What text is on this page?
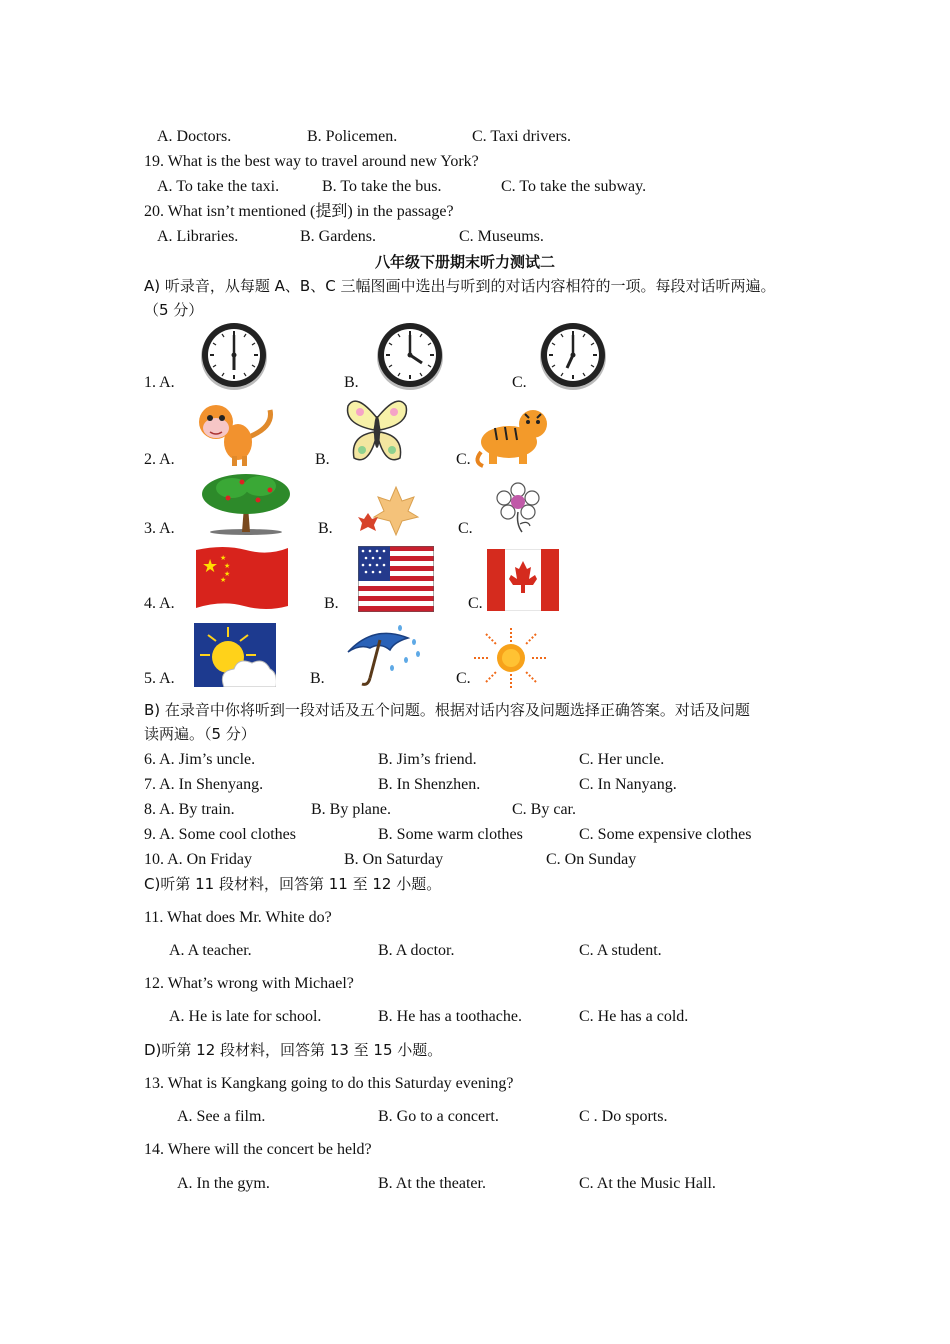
A. Doctors.	B. Policemen.	C. Taxi drivers.
19. What is the best way to travel around new York?
A. To take the taxi.	B. To take the bus.	C. To take the subway.
20. What isn’t mentioned (提到) in the passage?
A. Libraries.	B. Gardens.	C. Museums.
八年级下册期末听力测试二
A) 听录音，从每题 A、B、C 三幅图画中选出与听到的对话内容相符的一项。每段对话听两遍。
（5 分）
1. A.	B.	C.
2. A.	B.	C.
3. A.	B.	C.
4. A.	B.	C.
★ ★
★
★
★
5. A.	B.	C.
B) 在录音中你将听到一段对话及五个问题。根据对话内容及问题选择正确答案。对话及问题
读两遍。（5 分）
6. A. Jim’s uncle.	B. Jim’s friend.	C. Her uncle.
7. A. In Shenyang.	B. In Shenzhen.	C. In Nanyang.
8. A. By train.	B. By plane.	C. By car.
9. A. Some cool clothes	B. Some warm clothes	C. Some expensive clothes
10. A. On Friday	B. On Saturday	C. On Sunday
C)听第 11 段材料，回答第 11 至 12 小题。
11. What does Mr. White do?
A. A teacher.	B. A doctor.	C. A student.
12. What’s wrong with Michael?
A. He is late for school.	B. He has a toothache.	C. He has a cold.
D)听第 12 段材料，回答第 13 至 15 小题。
13. What is Kangkang going to do this Saturday evening?
A. See a film.	B. Go to a concert.	C . Do sports.
14. Where will the concert be held?
A. In the gym.	B. At the theater.	C. At the Music Hall.
